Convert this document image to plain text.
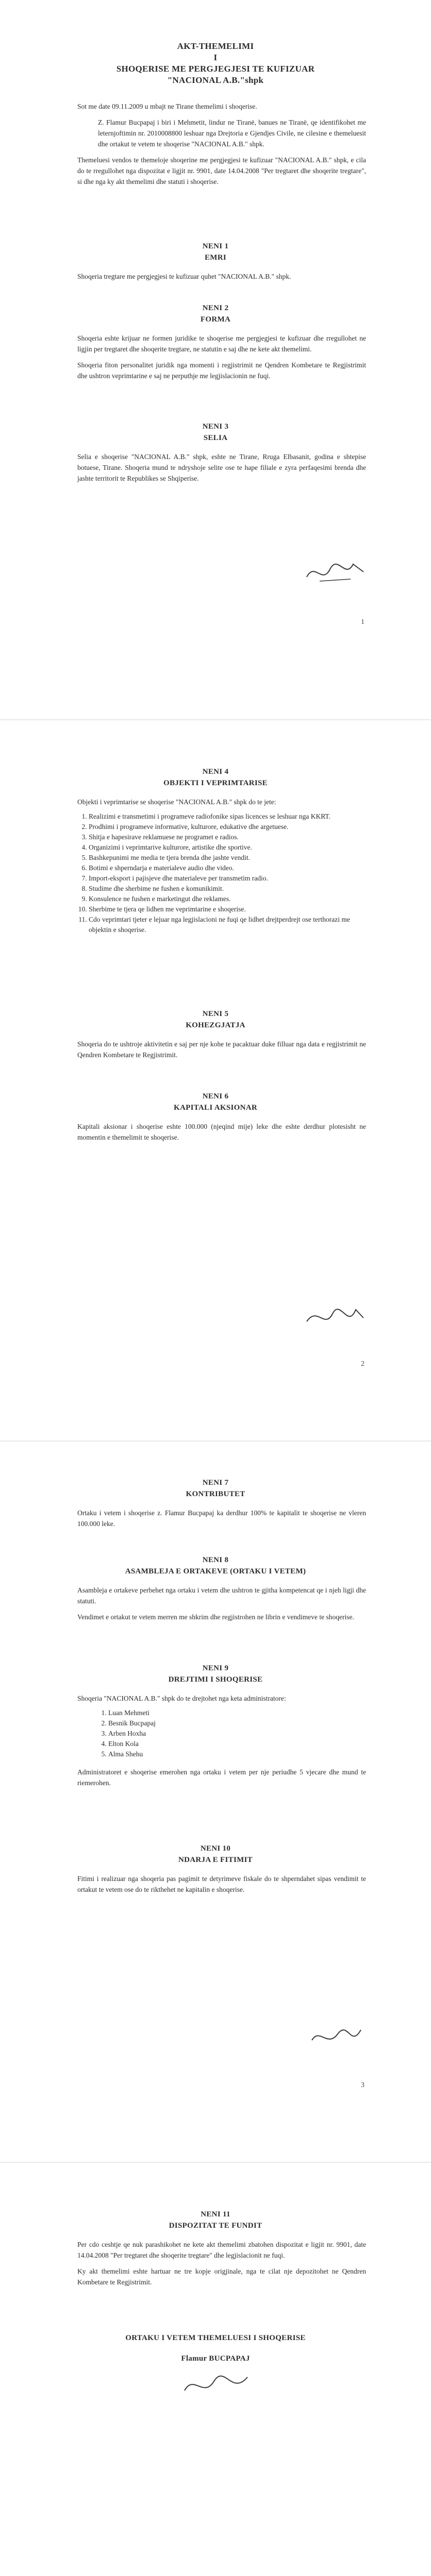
AKT-THEMELIMI
I
SHOQERISE ME PERGJEGJESI TE KUFIZUAR
"NACIONAL A.B."shpk

Sot me date 09.11.2009 u mbajt ne Tirane themelimi i shoqerise.

Z. Flamur Bucpapaj i biri i Mehmetit, lindur ne Tiranë, banues ne Tiranë, qe identifikohet me leternjoftimin nr. 2010008800 leshuar nga Drejtoria e Gjendjes Civile, ne cilesine e themeluesit dhe ortakut te vetem te shoqerise "NACIONAL A.B." shpk.

Themeluesi vendos te themeloje shoqerine me pergjegjesi te kufizuar "NACIONAL A.B." shpk, e cila do te rregullohet nga dispozitat e ligjit nr. 9901, date 14.04.2008 "Per tregtaret dhe shoqerite tregtare", si dhe nga ky akt themelimi dhe statuti i shoqerise.

NENI 1
EMRI

Shoqeria tregtare me pergjegjesi te kufizuar quhet "NACIONAL A.B." shpk.

NENI 2
FORMA

Shoqeria eshte krijuar ne formen juridike te shoqerise me pergjegjesi te kufizuar dhe rregullohet ne ligjin per tregtaret dhe shoqerite tregtare, ne statutin e saj dhe ne kete akt themelimi.

Shoqeria fiton personalitet juridik nga momenti i regjistrimit ne Qendren Kombetare te Regjistrimit dhe ushtron veprimtarine e saj ne perputhje me legjislacionin ne fuqi.

NENI 3
SELIA

Selia e shoqerise "NACIONAL A.B." shpk, eshte ne Tirane, Rruga Elbasanit, godina e shtepise botuese, Tirane. Shoqeria mund te ndryshoje selite ose te hape filiale e zyra perfaqesimi brenda dhe jashte territorit te Republikes se Shqiperise.

1
NENI 4
OBJEKTI I VEPRIMTARISE

Objekti i veprimtarise se shoqerise "NACIONAL A.B." shpk do te jete:

1. Realizimi e transmetimi i programeve radiofonike sipas licences se leshuar nga KKRT.
2. Prodhimi i programeve informative, kulturore, edukative dhe argetuese.
3. Shitja e hapesirave reklamuese ne programet e radios.
4. Organizimi i veprimtarive kulturore, artistike dhe sportive.
5. Bashkepunimi me media te tjera brenda dhe jashte vendit.
6. Botimi e shperndarja e materialeve audio dhe video.
7. Import-eksport i pajisjeve dhe materialeve per transmetim radio.
8. Studime dhe sherbime ne fushen e komunikimit.
9. Konsulence ne fushen e marketingut dhe reklames.
10. Sherbime te tjera qe lidhen me veprimtarine e shoqerise.
11. Cdo veprimtari tjeter e lejuar nga legjislacioni ne fuqi qe lidhet drejtperdrejt ose terthorazi me objektin e shoqerise.
NENI 5
KOHEZGJATJA

Shoqeria do te ushtroje aktivitetin e saj per nje kohe te pacaktuar duke filluar nga data e regjistrimit ne Qendren Kombetare te Regjistrimit.

NENI 6
KAPITALI AKSIONAR

Kapitali aksionar i shoqerise eshte 100.000 (njeqind mije) leke dhe eshte derdhur plotesisht ne momentin e themelimit te shoqerise.

2
NENI 7
KONTRIBUTET

Ortaku i vetem i shoqerise z. Flamur Bucpapaj ka derdhur 100% te kapitalit te shoqerise ne vleren 100.000 leke.

NENI 8
ASAMBLEJA E ORTAKEVE (ORTAKU I VETEM)

Asambleja e ortakeve perbehet nga ortaku i vetem dhe ushtron te gjitha kompetencat qe i njeh ligji dhe statuti.

Vendimet e ortakut te vetem merren me shkrim dhe regjistrohen ne librin e vendimeve te shoqerise.

NENI 9
DREJTIMI I SHOQERISE

Shoqeria "NACIONAL A.B." shpk do te drejtohet nga keta administratore:

1. Luan Mehmeti
2. Besnik Bucpapaj
3. Arben Hoxha
4. Elton Kola
5. Alma Shehu

Administratoret e shoqerise emerohen nga ortaku i vetem per nje periudhe 5 vjecare dhe mund te riemerohen.

NENI 10
NDARJA E FITIMIT

Fitimi i realizuar nga shoqeria pas pagimit te detyrimeve fiskale do te shperndahet sipas vendimit te ortakut te vetem ose do te rikthehet ne kapitalin e shoqerise.

3
NENI 11
DISPOZITAT TE FUNDIT

Per cdo ceshtje qe nuk parashikohet ne kete akt themelimi zbatohen dispozitat e ligjit nr. 9901, date 14.04.2008 "Per tregtaret dhe shoqerite tregtare" dhe legjislacionit ne fuqi.

Ky akt themelimi eshte hartuar ne tre kopje origjinale, nga te cilat nje depozitohet ne Qendren Kombetare te Regjistrimit.

ORTAKU I VETEM THEMELUESI I SHOQERISE
Flamur BUCPAPAJ
